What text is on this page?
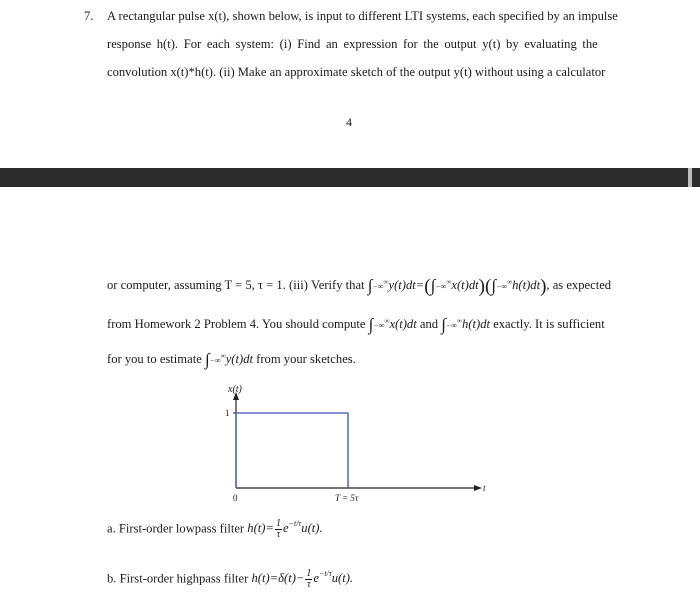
7. A rectangular pulse x(t), shown below, is input to different LTI systems, each specified by an impulse
response h(t). For each system: (i) Find an expression for the output y(t) by evaluating the
convolution x(t)*h(t). (ii) Make an approximate sketch of the output y(t) without using a calculator
4
or computer, assuming T = 5, τ = 1. (iii) Verify that ∫−∞∞y(t)dt=(∫−∞∞x(t)dt)(∫−∞∞h(t)dt), as expected
from Homework 2 Problem 4. You should compute ∫−∞∞x(t)dt and ∫−∞∞h(t)dt exactly. It is sufficient
for you to estimate ∫−∞∞y(t)dt from your sketches.
x(t)
1
0	T = 5τ
t
a. First-order lowpass filter $h(t)= \frac{1}{\tau} e^{-t/\tau}u(t)$.
b. First-order highpass filter $h(t)=\delta(t)- \frac{1}{\tau} e^{-t/\tau}u(t)$.
